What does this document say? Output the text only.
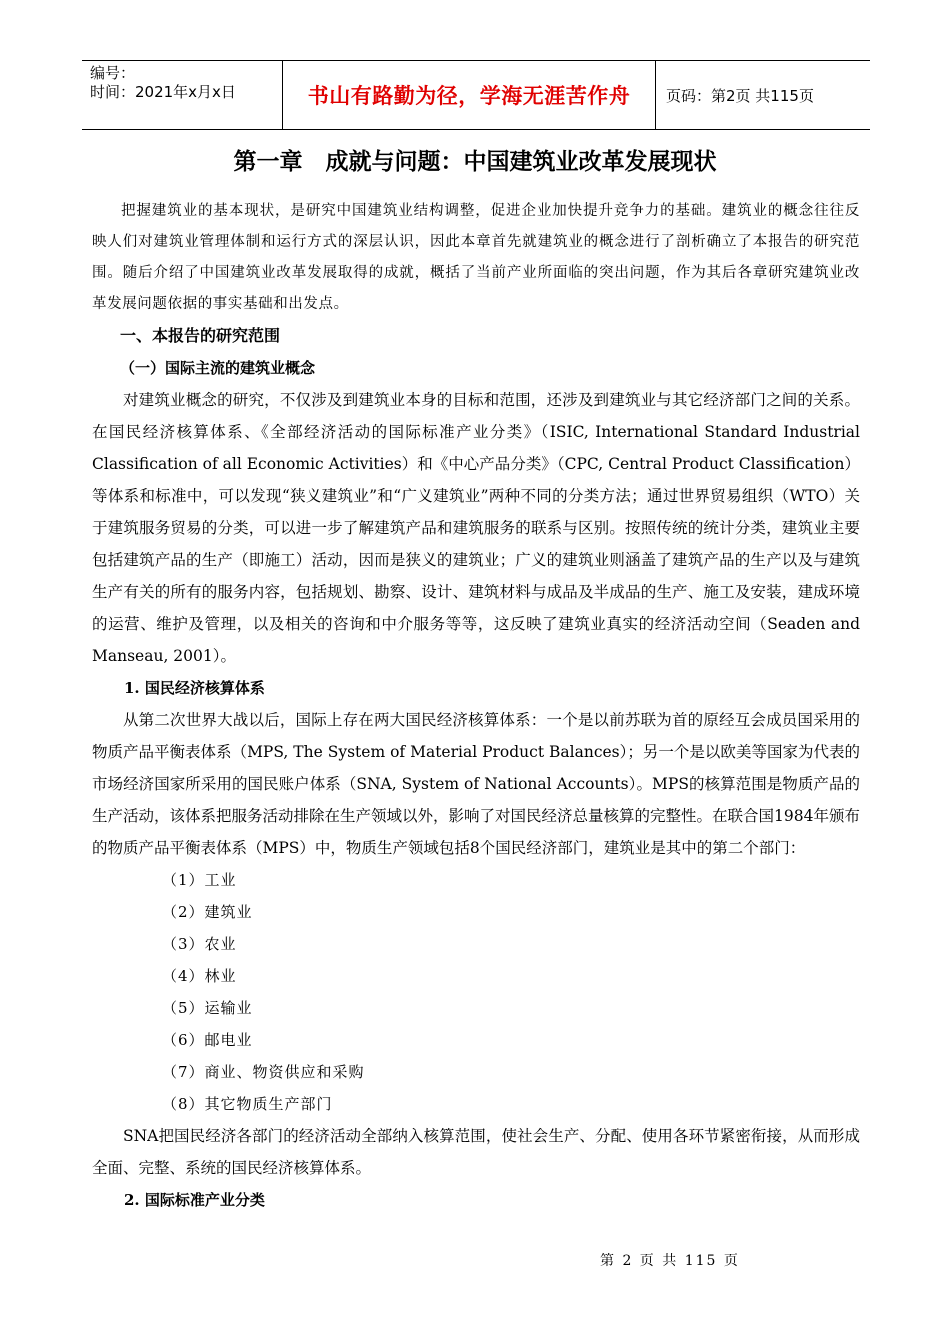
编号：
时间：2021年x月x日	书山有路勤为径，学海无涯苦作舟	页码：第2页 共115页
第一章　成就与问题：中国建筑业改革发展现状

把握建筑业的基本现状，是研究中国建筑业结构调整，促进企业加快提升竞争力的基础。建筑业的概念往往反映人们对建筑业管理体制和运行方式的深层认识，因此本章首先就建筑业的概念进行了剖析确立了本报告的研究范围。随后介绍了中国建筑业改革发展取得的成就，概括了当前产业所面临的突出问题，作为其后各章研究建筑业改革发展问题依据的事实基础和出发点。

一、本报告的研究范围
（一）国际主流的建筑业概念

对建筑业概念的研究，不仅涉及到建筑业本身的目标和范围，还涉及到建筑业与其它经济部门之间的关系。在国民经济核算体系、《全部经济活动的国际标准产业分类》（ISIC, International Standard Industrial Classification of all Economic Activities）和《中心产品分类》（CPC, Central Product Classification）等体系和标准中，可以发现“狭义建筑业”和“广义建筑业”两种不同的分类方法；通过世界贸易组织（WTO）关于建筑服务贸易的分类，可以进一步了解建筑产品和建筑服务的联系与区别。按照传统的统计分类，建筑业主要包括建筑产品的生产（即施工）活动，因而是狭义的建筑业；广义的建筑业则涵盖了建筑产品的生产以及与建筑生产有关的所有的服务内容，包括规划、勘察、设计、建筑材料与成品及半成品的生产、施工及安装，建成环境的运营、维护及管理，以及相关的咨询和中介服务等等，这反映了建筑业真实的经济活动空间（Seaden and Manseau, 2001）。

1. 国民经济核算体系

从第二次世界大战以后，国际上存在两大国民经济核算体系：一个是以前苏联为首的原经互会成员国采用的物质产品平衡表体系（MPS, The System of Material Product Balances）；另一个是以欧美等国家为代表的市场经济国家所采用的国民账户体系（SNA, System of National Accounts）。MPS的核算范围是物质产品的生产活动，该体系把服务活动排除在生产领域以外，影响了对国民经济总量核算的完整性。在联合国1984年颁布的物质产品平衡表体系（MPS）中，物质生产领域包括8个国民经济部门，建筑业是其中的第二个部门：

（1）工业
（2）建筑业
（3）农业
（4）林业
（5）运输业
（6）邮电业
（7）商业、物资供应和采购
（8）其它物质生产部门

SNA把国民经济各部门的经济活动全部纳入核算范围，使社会生产、分配、使用各环节紧密衔接，从而形成全面、完整、系统的国民经济核算体系。

2. 国际标准产业分类
第 2 页 共 115 页
